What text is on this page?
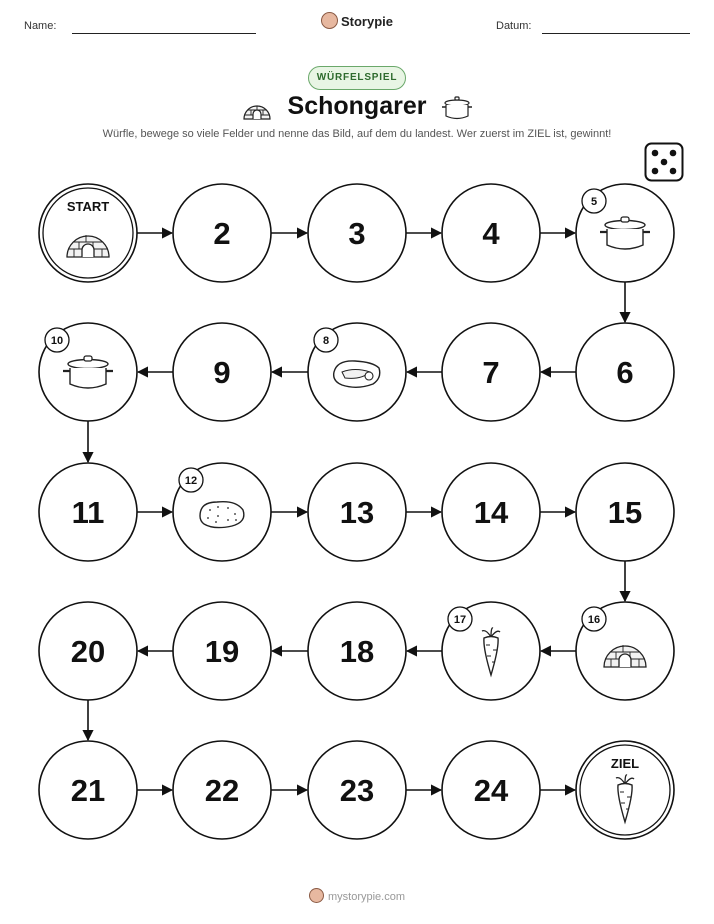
Name:	Storypie	Datum:
WÜRFELSPIEL
Schongarer
Würfle, bewege so viele Felder und nenne das Bild, auf dem du landest. Wer zuerst im ZIEL ist, gewinnt!
START
2	3	4
5
6
7
8
9
10
11
12
13	14	15
16
17
18
19
20
21	22	23	24
ZIEL
mystorypie.com
